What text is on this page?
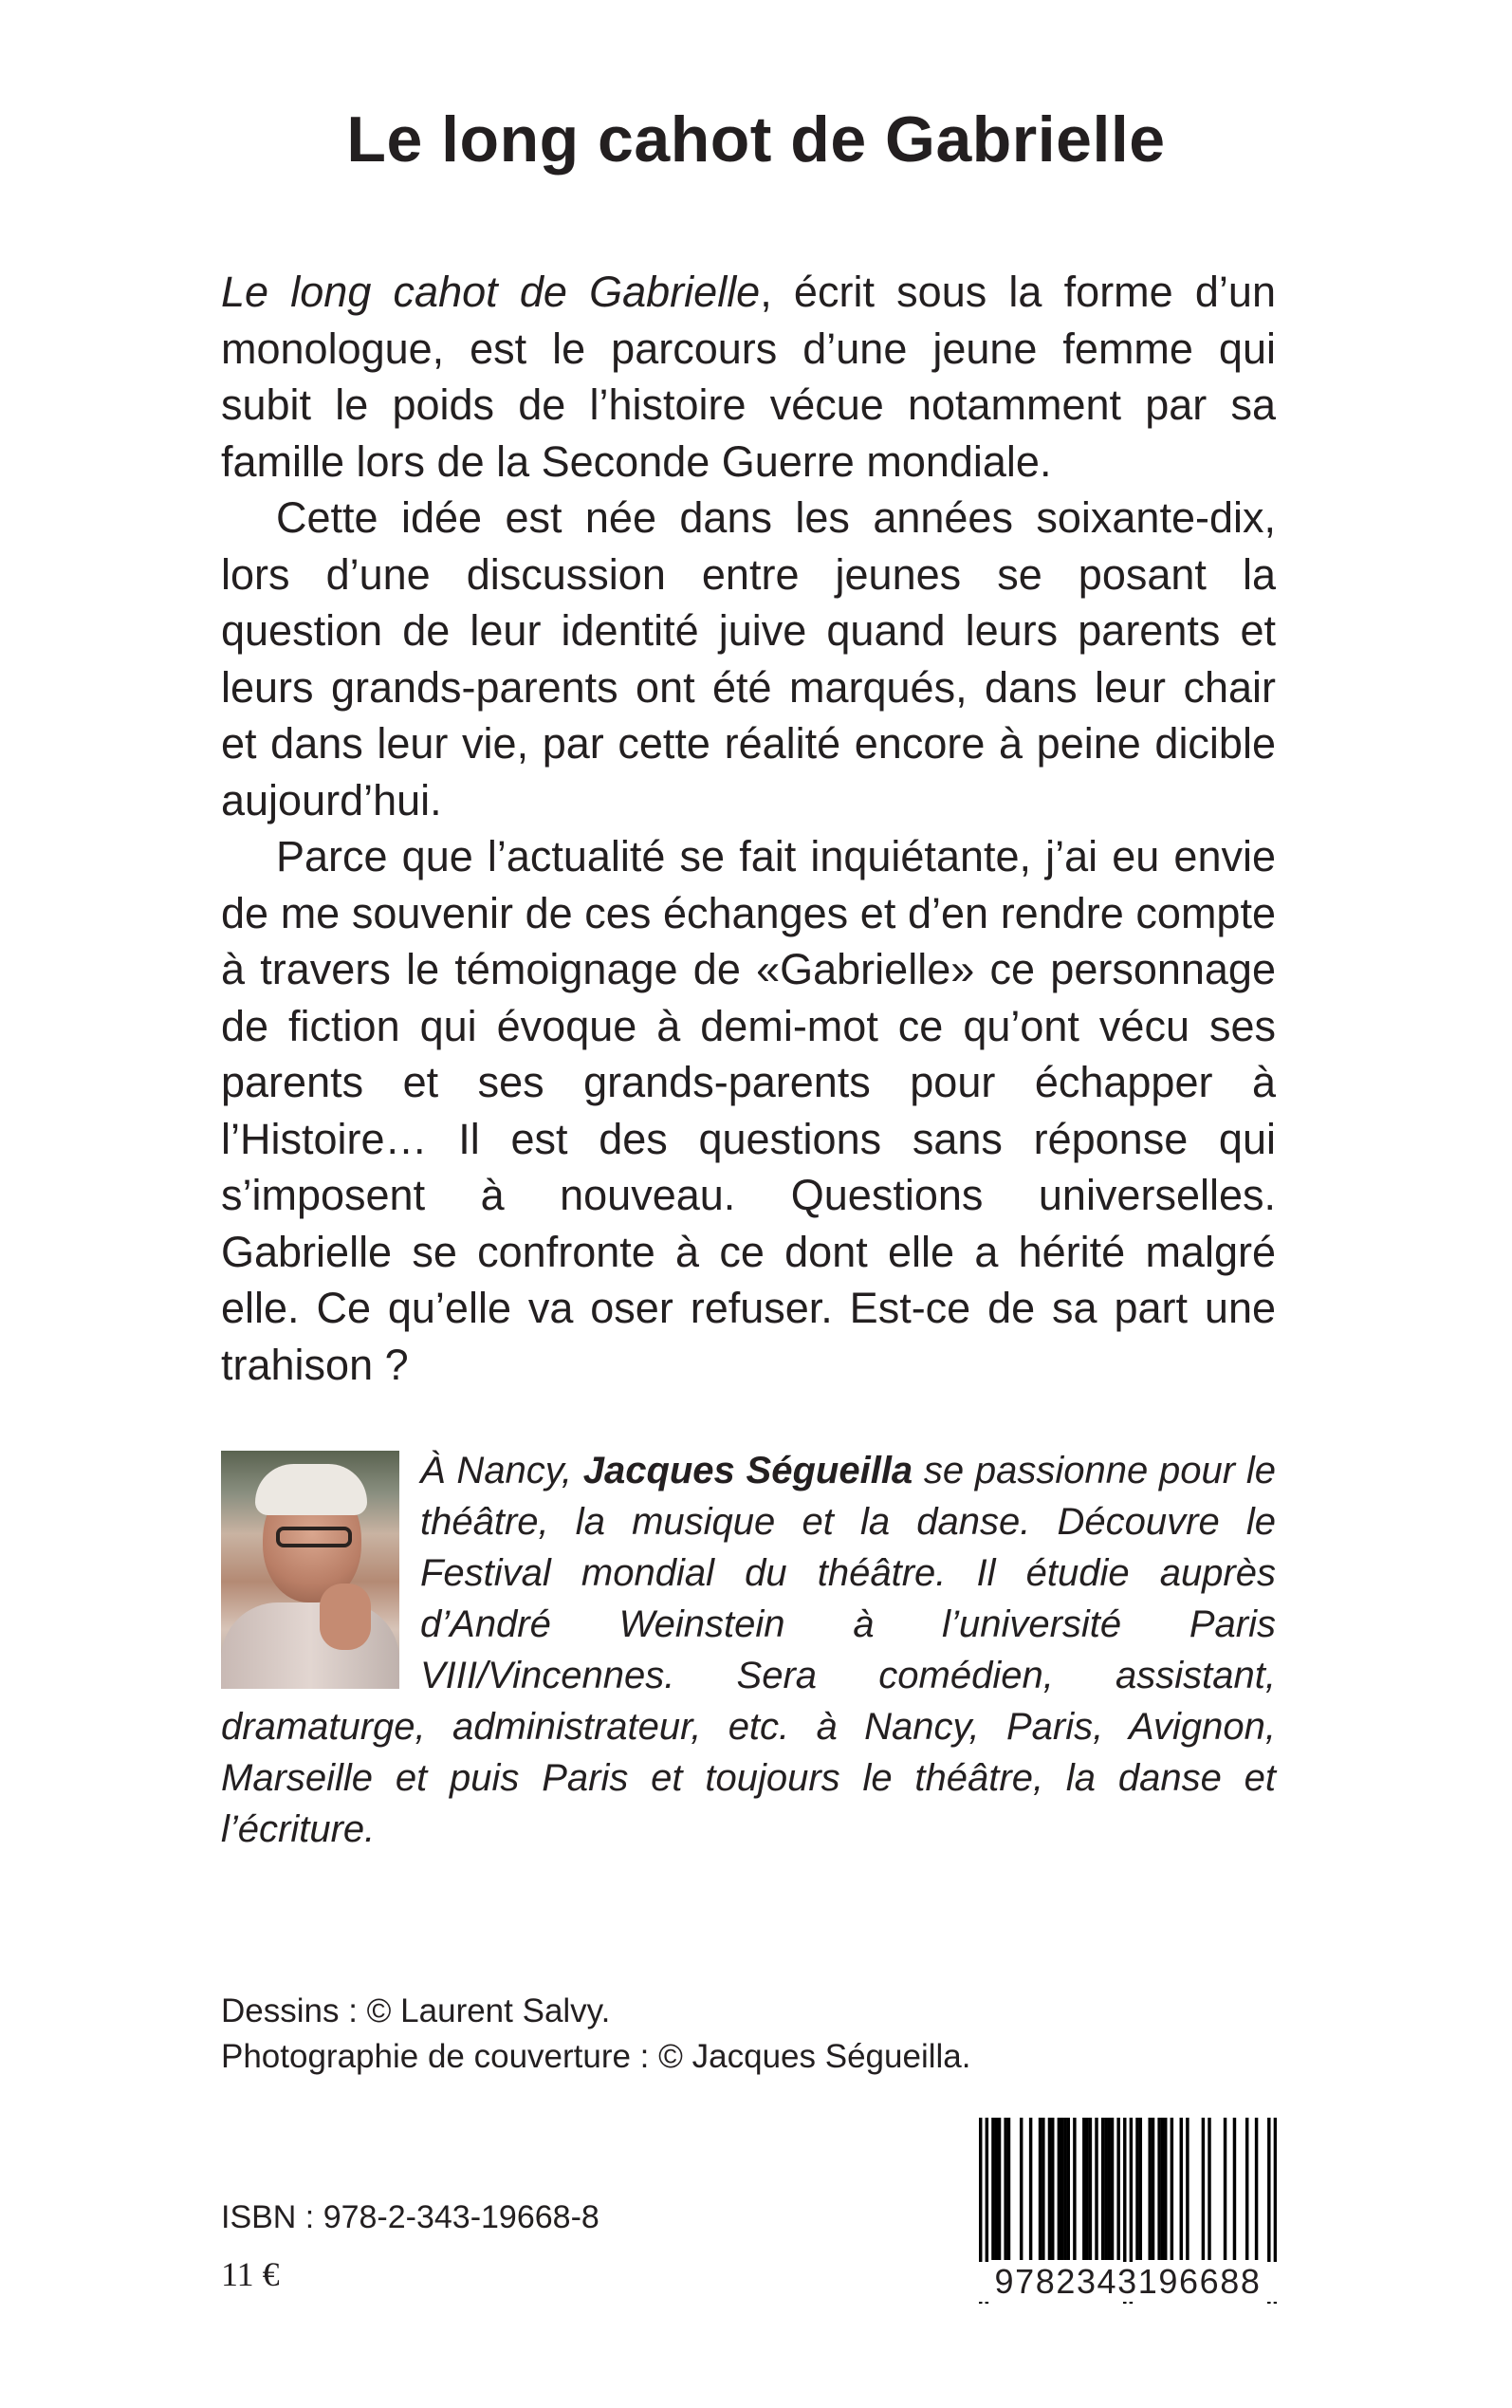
Le long cahot de Gabrielle

Le long cahot de Gabrielle, écrit sous la forme d’un monologue, est le parcours d’une jeune femme qui subit le poids de l’histoire vécue notamment par sa famille lors de la Seconde Guerre mondiale.

Cette idée est née dans les années soixante-dix, lors d’une discussion entre jeunes se posant la question de leur identité juive quand leurs parents et leurs grands-parents ont été marqués, dans leur chair et dans leur vie, par cette réalité encore à peine dicible aujourd’hui.

Parce que l’actualité se fait inquiétante, j’ai eu envie de me souvenir de ces échanges et d’en rendre compte à travers le témoignage de «Gabrielle» ce personnage de fiction qui évoque à demi-mot ce qu’ont vécu ses parents et ses grands-parents pour échapper à l’Histoire… Il est des questions sans réponse qui s’imposent à nouveau. Questions universelles. Gabrielle se confronte à ce dont elle a hérité malgré elle. Ce qu’elle va oser refuser. Est-ce de sa part une trahison ?

À Nancy, Jacques Ségueilla se passionne pour le théâtre, la musique et la danse. Découvre le Festival mondial du théâtre. Il étudie auprès d’André Weinstein à l’université Paris VIII/Vincennes. Sera comédien, assistant, dramaturge, administrateur, etc. à Nancy, Paris, Avignon, Marseille et puis Paris et toujours le théâtre, la danse et l’écriture.
Dessins : © Laurent Salvy.
Photographie de couverture : © Jacques Ségueilla.
ISBN : 978-2-343-19668-8
11 €	9782343196688
